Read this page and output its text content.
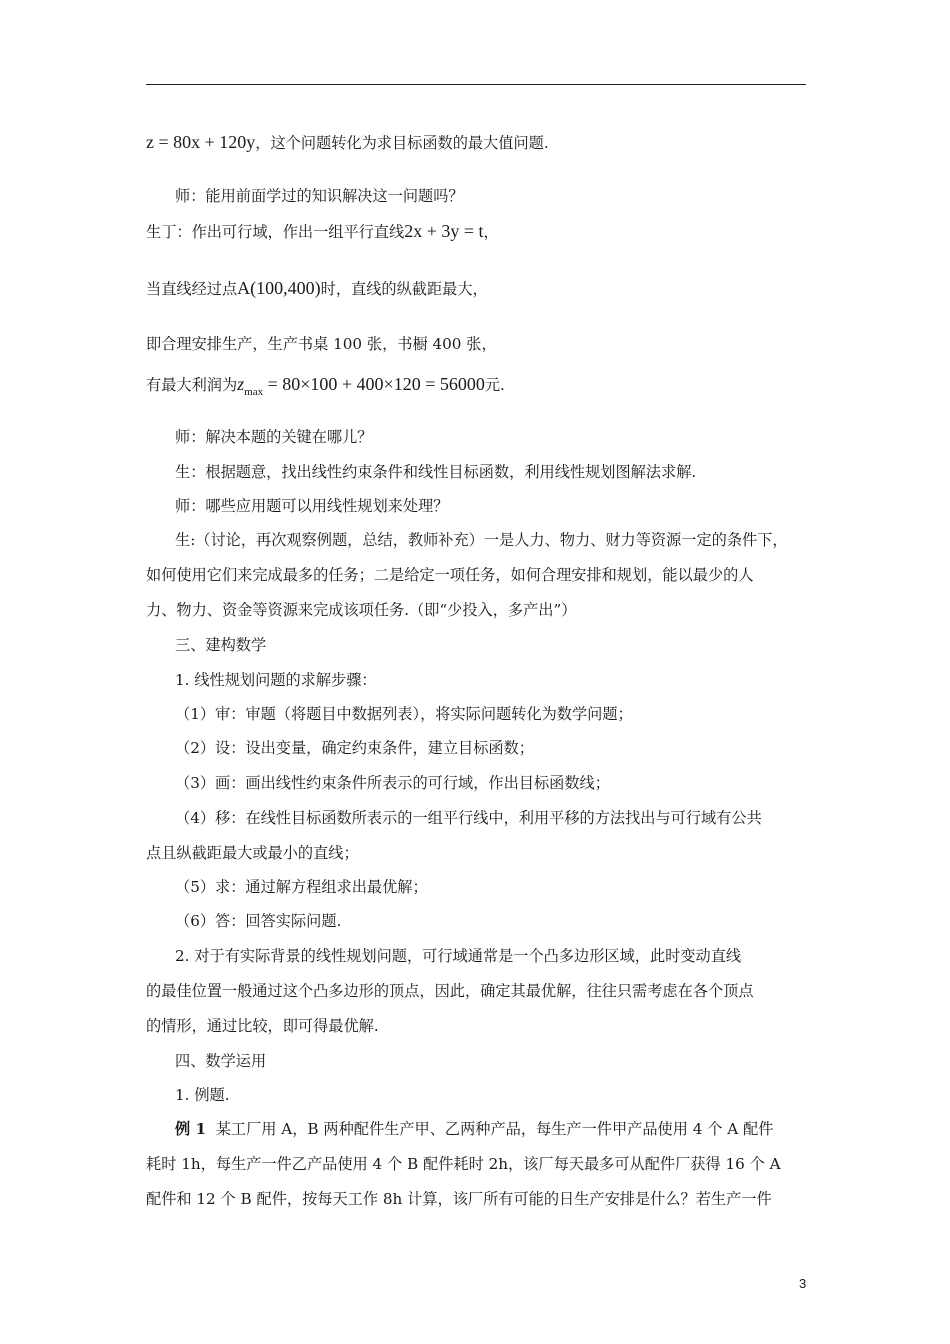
z = 80x + 120y，这个问题转化为求目标函数的最大值问题.
师：能用前面学过的知识解决这一问题吗？
生丁：作出可行域，作出一组平行直线2x + 3y = t，
当直线经过点A(100,400)时，直线的纵截距最大，
即合理安排生产，生产书桌 100 张，书橱 400 张，
有最大利润为$z_{max} = 80\times 100 + 400\times 120 = 56000$元.
师：解决本题的关键在哪儿？
生：根据题意，找出线性约束条件和线性目标函数，利用线性规划图解法求解.
师：哪些应用题可以用线性规划来处理？
生:（讨论，再次观察例题，总结，教师补充）一是人力、物力、财力等资源一定的条件下，
如何使用它们来完成最多的任务；二是给定一项任务，如何合理安排和规划，能以最少的人
力、物力、资金等资源来完成该项任务.（即“少投入，多产出”）
三、建构数学
1. 线性规划问题的求解步骤：
（1）审：审题（将题目中数据列表），将实际问题转化为数学问题；
（2）设：设出变量，确定约束条件，建立目标函数；
（3）画：画出线性约束条件所表示的可行域，作出目标函数线；
（4）移：在线性目标函数所表示的一组平行线中，利用平移的方法找出与可行域有公共
点且纵截距最大或最小的直线；
（5）求：通过解方程组求出最优解；
（6）答：回答实际问题.
2. 对于有实际背景的线性规划问题，可行域通常是一个凸多边形区域，此时变动直线
的最佳位置一般通过这个凸多边形的顶点，因此，确定其最优解，往往只需考虑在各个顶点
的情形，通过比较，即可得最优解.
四、数学运用
1. 例题.
例 1 某工厂用 A，B 两种配件生产甲、乙两种产品，每生产一件甲产品使用 4 个 A 配件
耗时 1h，每生产一件乙产品使用 4 个 B 配件耗时 2h，该厂每天最多可从配件厂获得 16 个 A
配件和 12 个 B 配件，按每天工作 8h 计算，该厂所有可能的日生产安排是什么？若生产一件
3
